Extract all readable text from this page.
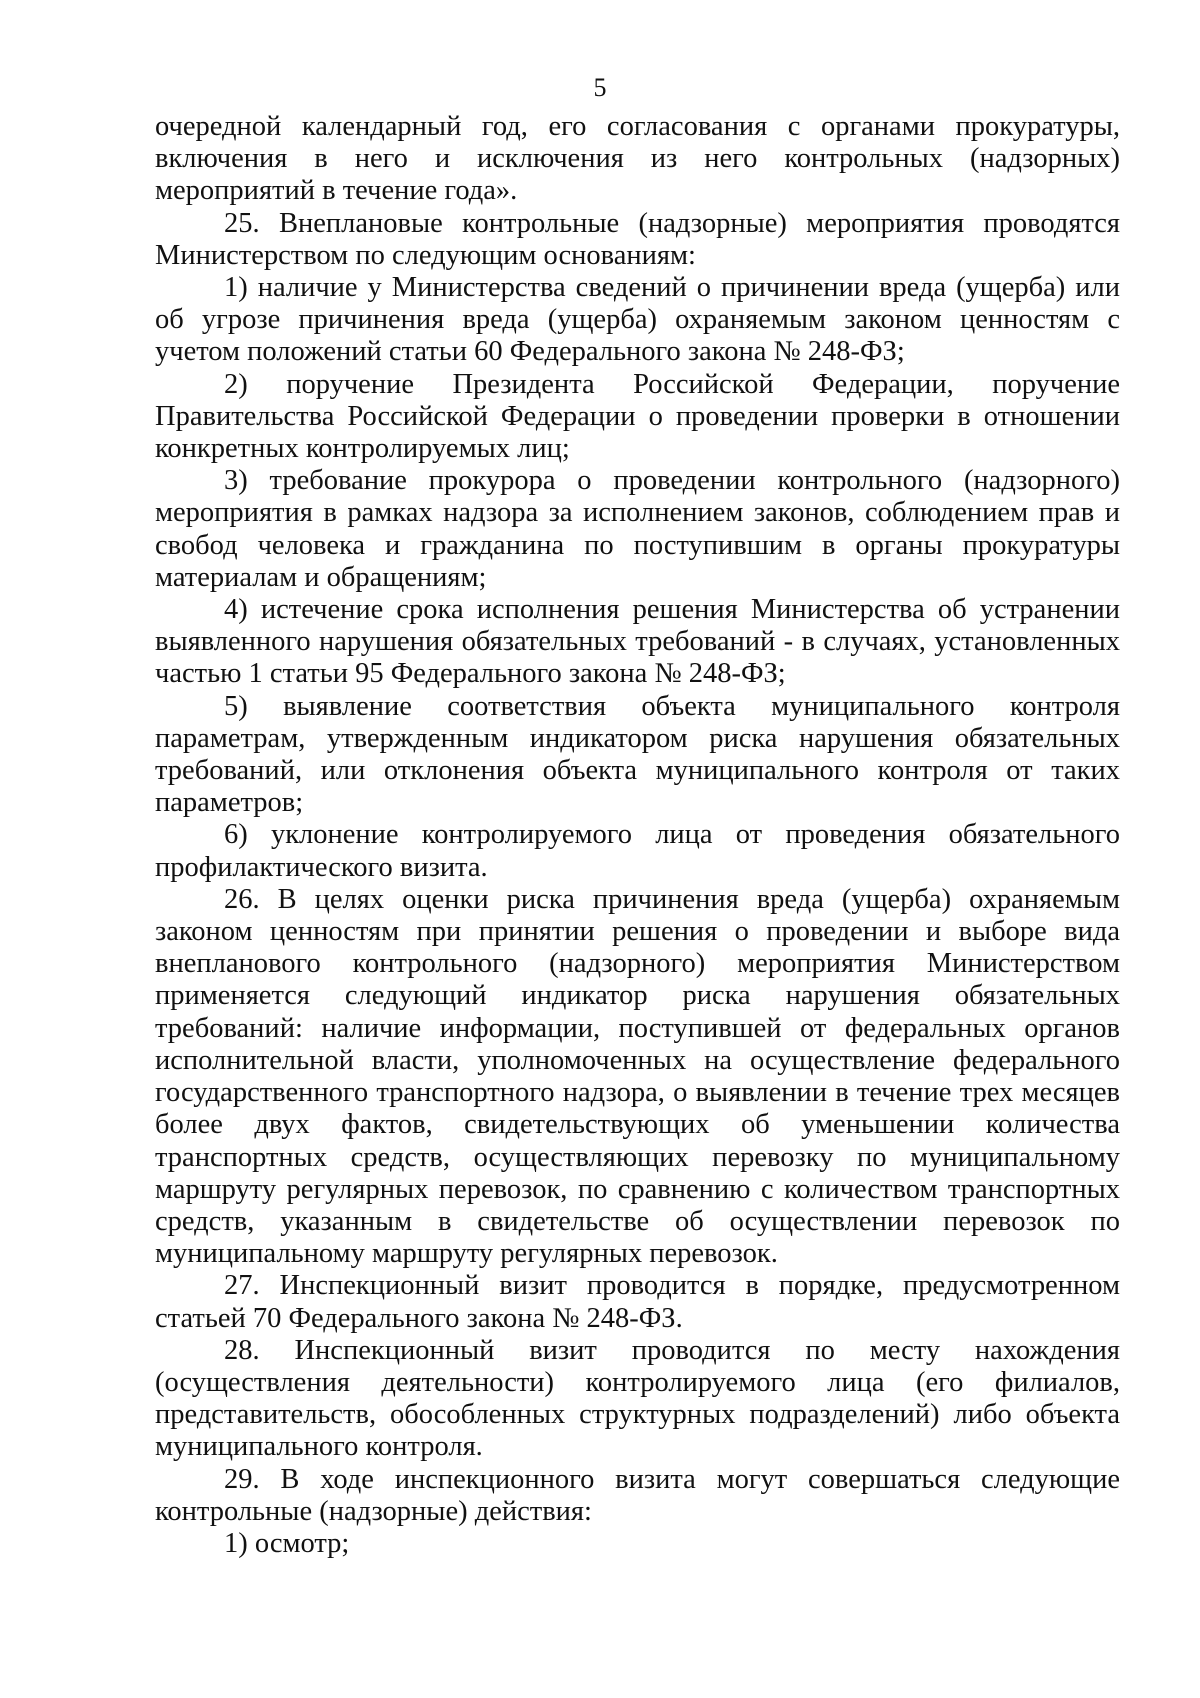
5

очередной календарный год, его согласования с органами прокуратуры, включения в него и исключения из него контрольных (надзорных) мероприятий в течение года».

25. Внеплановые контрольные (надзорные) мероприятия проводятся Министерством по следующим основаниям:

1) наличие у Министерства сведений о причинении вреда (ущерба) или об угрозе причинения вреда (ущерба) охраняемым законом ценностям с учетом положений статьи 60 Федерального закона № 248-ФЗ;

2) поручение Президента Российской Федерации, поручение Правительства Российской Федерации о проведении проверки в отношении конкретных контролируемых лиц;

3) требование прокурора о проведении контрольного (надзорного) мероприятия в рамках надзора за исполнением законов, соблюдением прав и свобод человека и гражданина по поступившим в органы прокуратуры материалам и обращениям;

4) истечение срока исполнения решения Министерства об устранении выявленного нарушения обязательных требований - в случаях, установленных частью 1 статьи 95 Федерального закона № 248-ФЗ;

5) выявление соответствия объекта муниципального контроля параметрам, утвержденным индикатором риска нарушения обязательных требований, или отклонения объекта муниципального контроля от таких параметров;

6) уклонение контролируемого лица от проведения обязательного профилактического визита.

26. В целях оценки риска причинения вреда (ущерба) охраняемым законом ценностям при принятии решения о проведении и выборе вида внепланового контрольного (надзорного) мероприятия Министерством применяется следующий индикатор риска нарушения обязательных требований: наличие информации, поступившей от федеральных органов исполнительной власти, уполномоченных на осуществление федерального государственного транспортного надзора, о выявлении в течение трех месяцев более двух фактов, свидетельствующих об уменьшении количества транспортных средств, осуществляющих перевозку по муниципальному маршруту регулярных перевозок, по сравнению с количеством транспортных средств, указанным в свидетельстве об осуществлении перевозок по муниципальному маршруту регулярных перевозок.

27. Инспекционный визит проводится в порядке, предусмотренном статьей 70 Федерального закона № 248-ФЗ.

28. Инспекционный визит проводится по месту нахождения (осуществления деятельности) контролируемого лица (его филиалов, представительств, обособленных структурных подразделений) либо объекта муниципального контроля.

29. В ходе инспекционного визита могут совершаться следующие контрольные (надзорные) действия:

1) осмотр;
